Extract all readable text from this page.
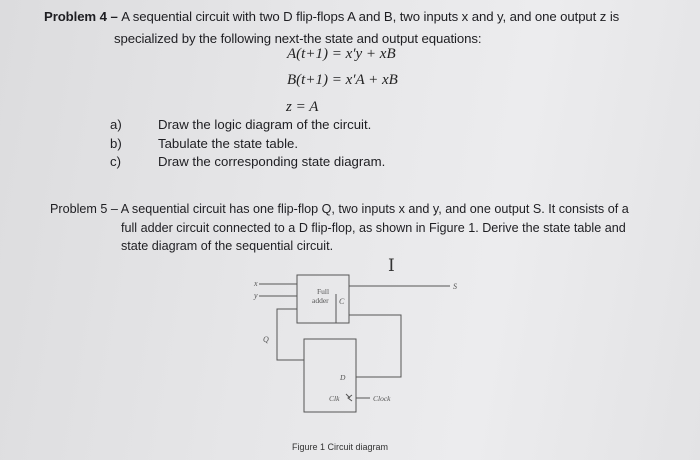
Problem 4 – A sequential circuit with two D flip-flops A and B, two inputs x and y, and one output z is
specialized by the following next-the state and output equations:
A(t+1) = x′y + xB
B(t+1) = x′A + xB
z = A
a)	Draw the logic diagram of the circuit.
b)	Tabulate the state table.
c)	Draw the corresponding state diagram.
Problem 5 – A sequential circuit has one flip-flop Q, two inputs x and y, and one output S. It consists of a
full adder circuit connected to a D flip-flop, as shown in Figure 1. Derive the state table and
state diagram of the sequential circuit.
I
x
y
S
Full
adder C
Q
D
Clk	Clock
Figure 1 Circuit diagram
